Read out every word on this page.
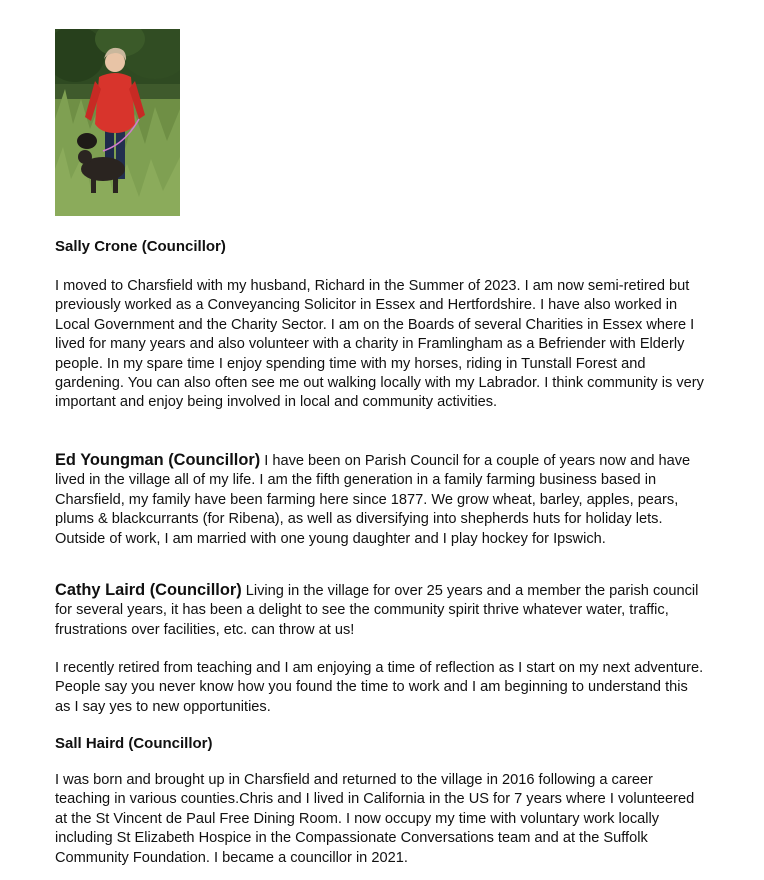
Sally Crone (Councillor)

I moved to Charsfield with my husband, Richard in the Summer of 2023. I am now semi-retired but previously worked as a Conveyancing Solicitor in Essex and Hertfordshire. I have also worked in Local Government and the Charity Sector. I am on the Boards of several Charities in Essex where I lived for many years and also volunteer with a charity in Framlingham as a Befriender with Elderly people. In my spare time I enjoy spending time with my horses, riding in Tunstall Forest and gardening. You can also often see me out walking locally with my Labrador. I think community is very important and enjoy being involved in local and community activities.

Ed Youngman (Councillor) I have been on Parish Council for a couple of years now and have lived in the village all of my life. I am the fifth generation in a family farming business based in Charsfield, my family have been farming here since 1877. We grow wheat, barley, apples, pears, plums & blackcurrants (for Ribena), as well as diversifying into shepherds huts for holiday lets. Outside of work, I am married with one young daughter and I play hockey for Ipswich.

Cathy Laird (Councillor) Living in the village for over 25 years and a member the parish council for several years, it has been a delight to see the community spirit thrive whatever water, traffic, frustrations over facilities, etc. can throw at us!

I recently retired from teaching and I am enjoying a time of reflection as I start on my next adventure. People say you never know how you found the time to work and I am beginning to understand this as I say yes to new opportunities.

Sall Haird (Councillor)

I was born and brought up in Charsfield and returned to the village in 2016 following a career teaching in various counties.Chris and I lived in California in the US for 7 years where I volunteered at the St Vincent de Paul Free Dining Room. I now occupy my time with voluntary work locally including St Elizabeth Hospice in the Compassionate Conversations team and at the Suffolk Community Foundation. I became a councillor in 2021.
